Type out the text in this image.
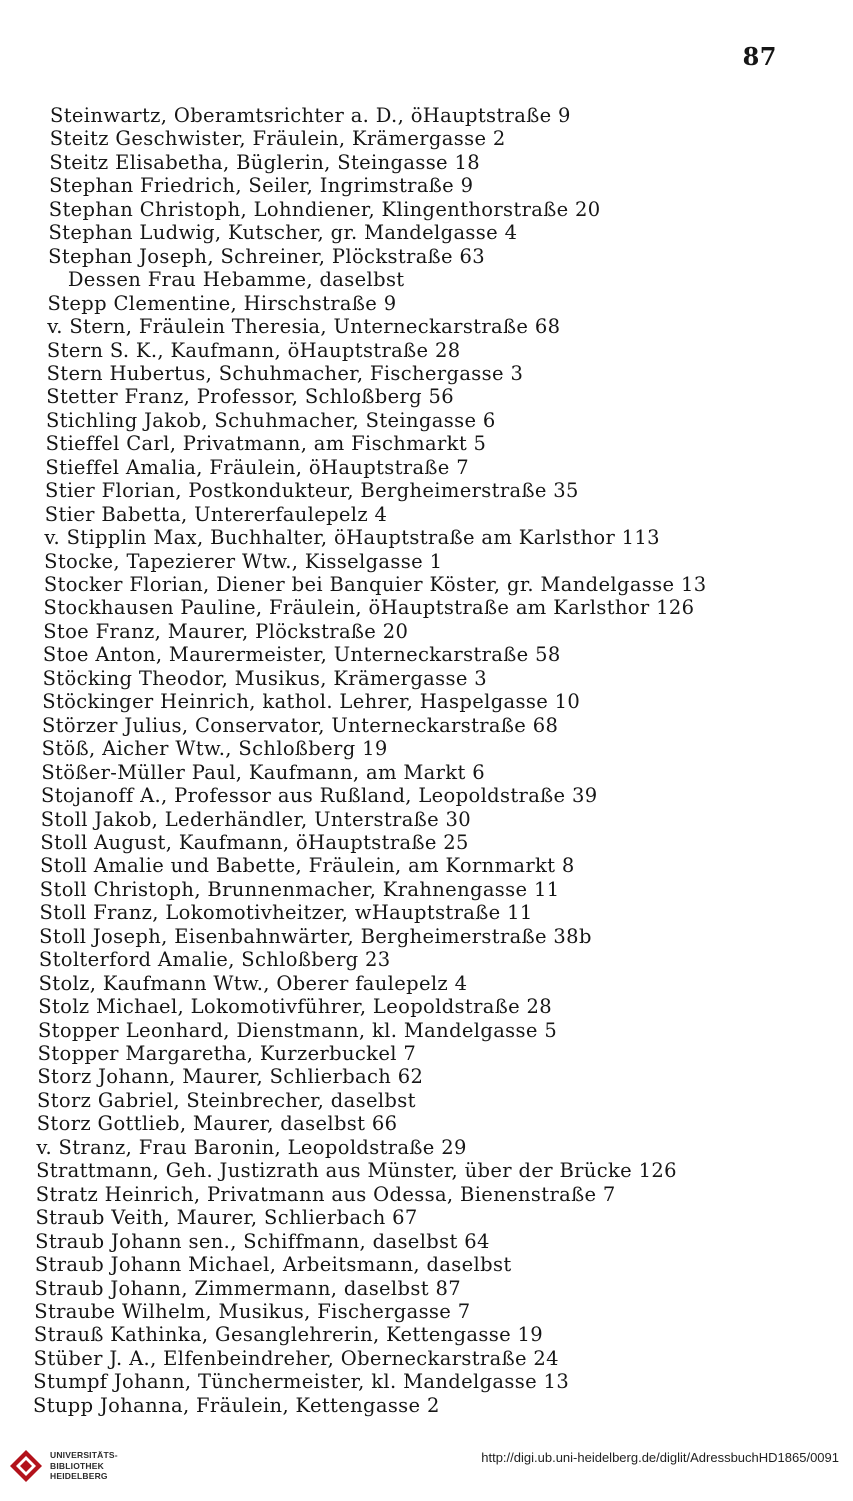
87
Steinwartz, Oberamtsrichter a. D., öHauptstraße 9
Steitz Geschwister, Fräulein, Krämergasse 2
Steitz Elisabetha, Büglerin, Steingasse 18
Stephan Friedrich, Seiler, Ingrimstraße 9
Stephan Christoph, Lohndiener, Klingenthorstraße 20
Stephan Ludwig, Kutscher, gr. Mandelgasse 4
Stephan Joseph, Schreiner, Plöckstraße 63
Dessen Frau Hebamme, daselbst
Stepp Clementine, Hirschstraße 9
v. Stern, Fräulein Theresia, Unterneckarstraße 68
Stern S. K., Kaufmann, öHauptstraße 28
Stern Hubertus, Schuhmacher, Fischergasse 3
Stetter Franz, Professor, Schloßberg 56
Stichling Jakob, Schuhmacher, Steingasse 6
Stieffel Carl, Privatmann, am Fischmarkt 5
Stieffel Amalia, Fräulein, öHauptstraße 7
Stier Florian, Postkondukteur, Bergheimerstraße 35
Stier Babetta, Untererfaulepelz 4
v. Stipplin Max, Buchhalter, öHauptstraße am Karlsthor 113
Stocke, Tapezierer Wtw., Kisselgasse 1
Stocker Florian, Diener bei Banquier Köster, gr. Mandelgasse 13
Stockhausen Pauline, Fräulein, öHauptstraße am Karlsthor 126
Stoe Franz, Maurer, Plöckstraße 20
Stoe Anton, Maurermeister, Unterneckarstraße 58
Stöcking Theodor, Musikus, Krämergasse 3
Stöckinger Heinrich, kathol. Lehrer, Haspelgasse 10
Störzer Julius, Conservator, Unterneckarstraße 68
Stöß, Aicher Wtw., Schloßberg 19
Stößer-Müller Paul, Kaufmann, am Markt 6
Stojanoff A., Professor aus Rußland, Leopoldstraße 39
Stoll Jakob, Lederhändler, Unterstraße 30
Stoll August, Kaufmann, öHauptstraße 25
Stoll Amalie und Babette, Fräulein, am Kornmarkt 8
Stoll Christoph, Brunnenmacher, Krahnengasse 11
Stoll Franz, Lokomotivheitzer, wHauptstraße 11
Stoll Joseph, Eisenbahnwärter, Bergheimerstraße 38b
Stolterford Amalie, Schloßberg 23
Stolz, Kaufmann Wtw., Oberer faulepelz 4
Stolz Michael, Lokomotivführer, Leopoldstraße 28
Stopper Leonhard, Dienstmann, kl. Mandelgasse 5
Stopper Margaretha, Kurzerbuckel 7
Storz Johann, Maurer, Schlierbach 62
Storz Gabriel, Steinbrecher, daselbst
Storz Gottlieb, Maurer, daselbst 66
v. Stranz, Frau Baronin, Leopoldstraße 29
Strattmann, Geh. Justizrath aus Münster, über der Brücke 126
Stratz Heinrich, Privatmann aus Odessa, Bienenstraße 7
Straub Veith, Maurer, Schlierbach 67
Straub Johann sen., Schiffmann, daselbst 64
Straub Johann Michael, Arbeitsmann, daselbst
Straub Johann, Zimmermann, daselbst 87
Straube Wilhelm, Musikus, Fischergasse 7
Strauß Kathinka, Gesanglehrerin, Kettengasse 19
Stüber J. A., Elfenbeindreher, Oberneckarstraße 24
Stumpf Johann, Tünchermeister, kl. Mandelgasse 13
Stupp Johanna, Fräulein, Kettengasse 2
UNIVERSITÄTS-
BIBLIOTHEK
HEIDELBERG
http://digi.ub.uni-heidelberg.de/diglit/AdressbuchHD1865/0091
